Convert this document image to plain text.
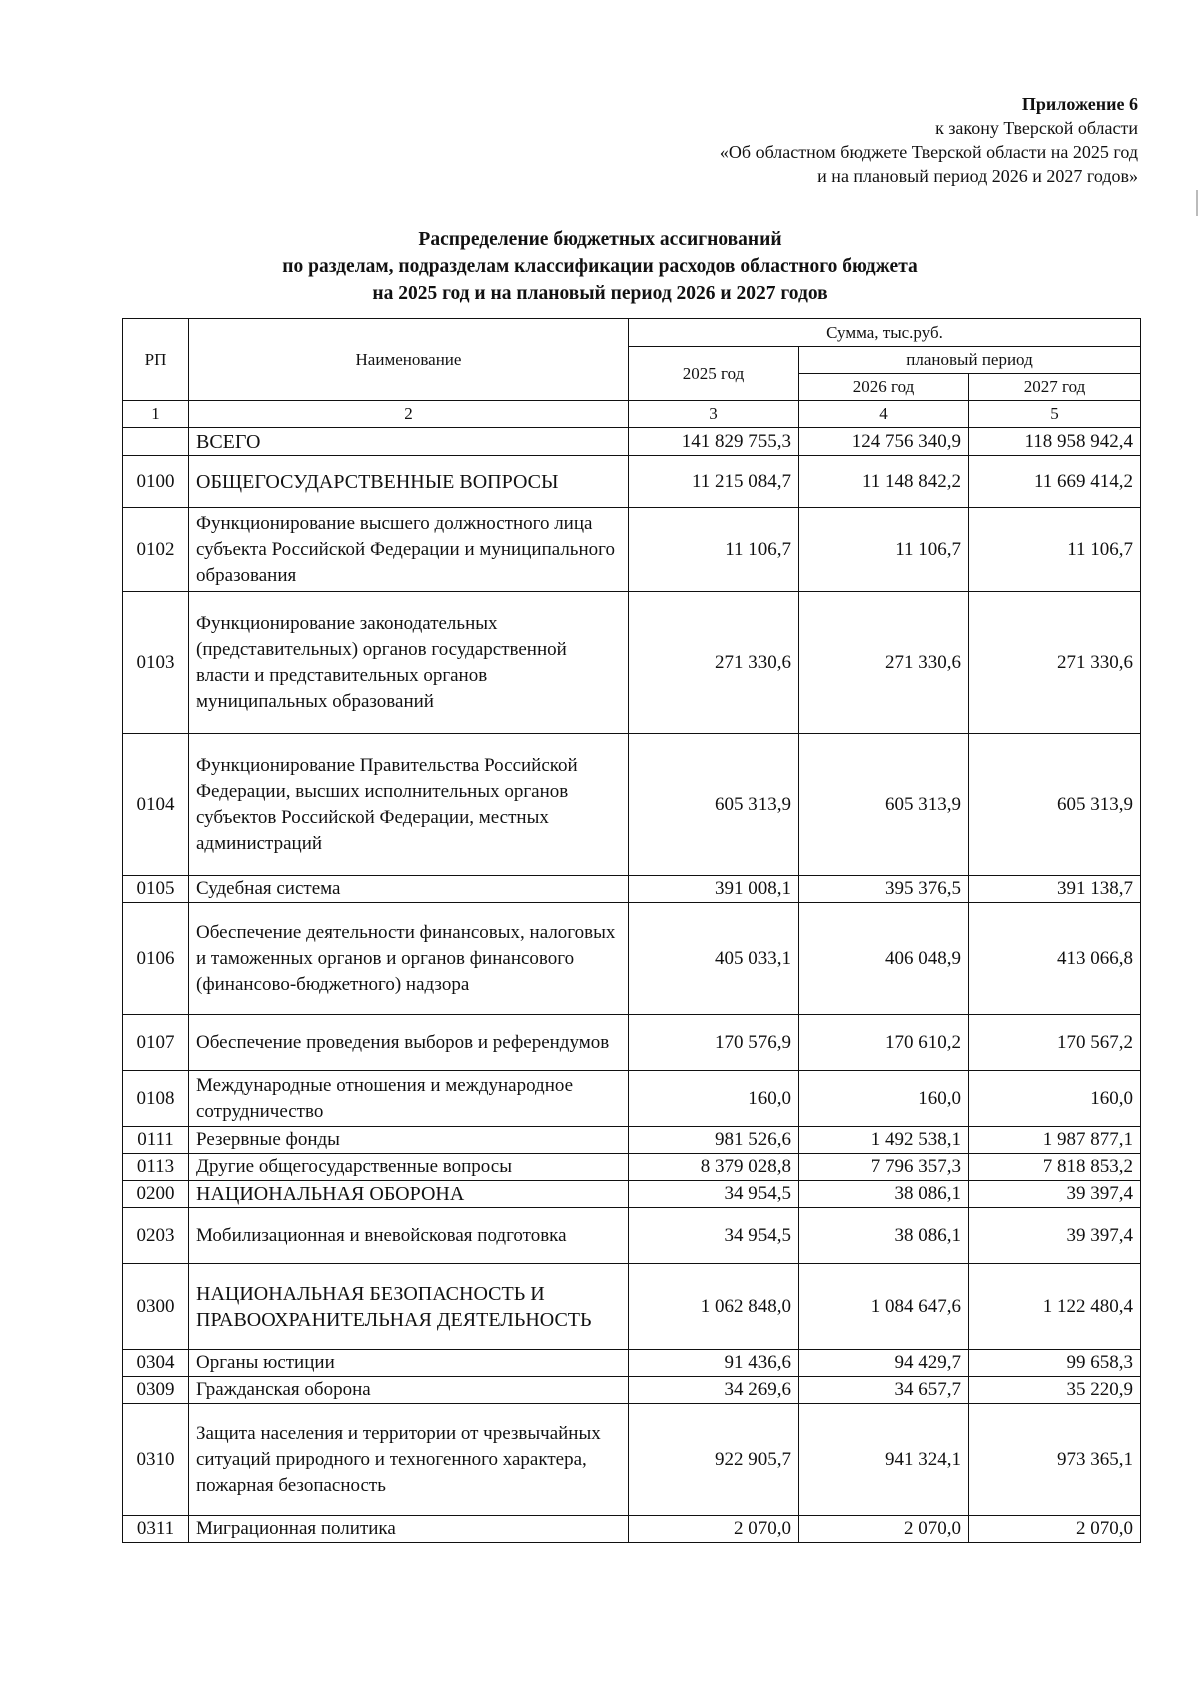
Приложение 6
к закону Тверской области
«Об областном бюджете Тверской области на 2025 год
и на плановый период 2026 и 2027 годов»
Распределение бюджетных ассигнований
по разделам, подразделам классификации расходов областного бюджета
на 2025 год и на плановый период 2026 и 2027 годов
РП	Наименование	Сумма, тыс.руб.		
		2025 год	плановый период	
			2026 год	2027 год
1	2	3	4	5
	ВСЕГО	141 829 755,3	124 756 340,9	118 958 942,4
0100	ОБЩЕГОСУДАРСТВЕННЫЕ ВОПРОСЫ	11 215 084,7	11 148 842,2	11 669 414,2
0102	Функционирование высшего должностного лица субъекта Российской Федерации и муниципального образования	11 106,7	11 106,7	11 106,7
0103	Функционирование законодательных (представительных) органов государственной власти и представительных органов муниципальных образований	271 330,6	271 330,6	271 330,6
0104	Функционирование Правительства Российской Федерации, высших исполнительных органов субъектов Российской Федерации, местных администраций	605 313,9	605 313,9	605 313,9
0105	Судебная система	391 008,1	395 376,5	391 138,7
0106	Обеспечение деятельности финансовых, налоговых и таможенных органов и органов финансового (финансово-бюджетного) надзора	405 033,1	406 048,9	413 066,8
0107	Обеспечение проведения выборов и референдумов	170 576,9	170 610,2	170 567,2
0108	Международные отношения и международное сотрудничество	160,0	160,0	160,0
0111	Резервные фонды	981 526,6	1 492 538,1	1 987 877,1
0113	Другие общегосударственные вопросы	8 379 028,8	7 796 357,3	7 818 853,2
0200	НАЦИОНАЛЬНАЯ ОБОРОНА	34 954,5	38 086,1	39 397,4
0203	Мобилизационная и вневойсковая подготовка	34 954,5	38 086,1	39 397,4
0300	НАЦИОНАЛЬНАЯ БЕЗОПАСНОСТЬ И ПРАВООХРАНИТЕЛЬНАЯ ДЕЯТЕЛЬНОСТЬ	1 062 848,0	1 084 647,6	1 122 480,4
0304	Органы юстиции	91 436,6	94 429,7	99 658,3
0309	Гражданская оборона	34 269,6	34 657,7	35 220,9
0310	Защита населения и территории от чрезвычайных ситуаций природного и техногенного характера, пожарная безопасность	922 905,7	941 324,1	973 365,1
0311	Миграционная политика	2 070,0	2 070,0	2 070,0
